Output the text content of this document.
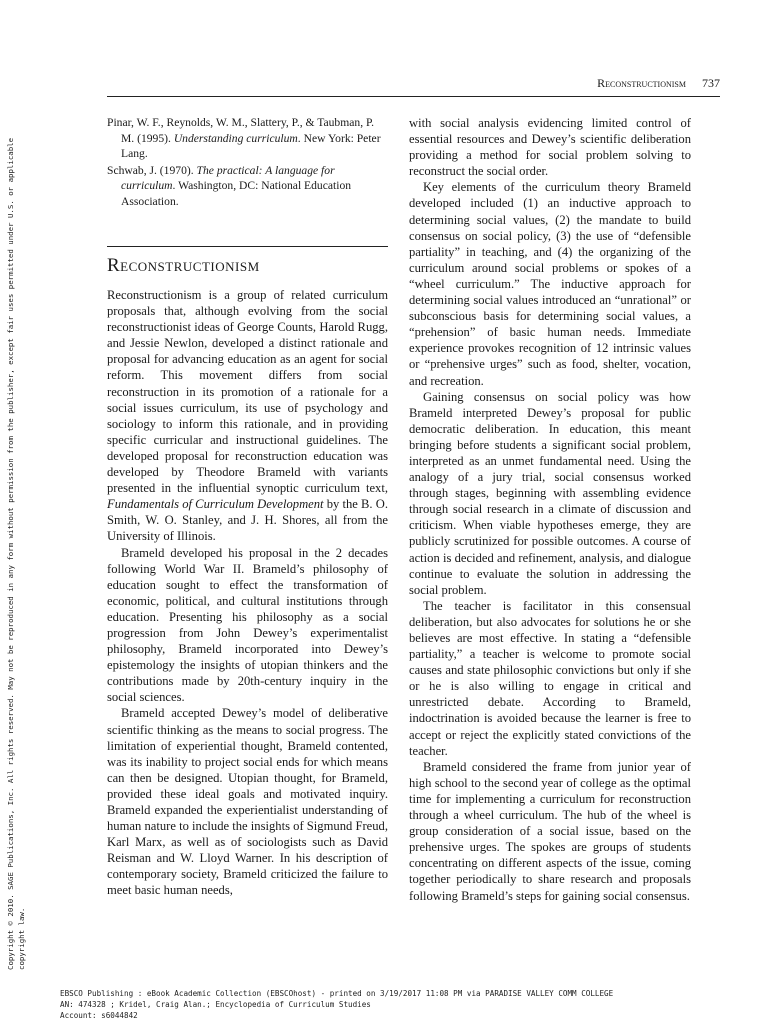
Copyright © 2010. SAGE Publications, Inc. All rights reserved. May not be reproduced in any form without permission from the publisher, except fair uses permitted under U.S. or applicable copyright law.
Reconstructionism 737
Pinar, W. F., Reynolds, W. M., Slattery, P., & Taubman, P. M. (1995). Understanding curriculum. New York: Peter Lang.
Schwab, J. (1970). The practical: A language for curriculum. Washington, DC: National Education Association.
Reconstructionism

Reconstructionism is a group of related curriculum proposals that, although evolving from the social reconstructionist ideas of George Counts, Harold Rugg, and Jessie Newlon, developed a distinct rationale and proposal for advancing education as an agent for social reform. This movement differs from social reconstruction in its promotion of a rationale for a social issues curriculum, its use of psychology and sociology to inform this rationale, and in providing specific curricular and instructional guidelines. The developed proposal for reconstruction education was developed by Theodore Brameld with variants presented in the influential synoptic curriculum text, Fundamentals of Curriculum Development by the B. O. Smith, W. O. Stanley, and J. H. Shores, all from the University of Illinois.

Brameld developed his proposal in the 2 decades following World War II. Brameld’s philosophy of education sought to effect the transformation of economic, political, and cultural institutions through education. Presenting his philosophy as a social progression from John Dewey’s experimentalist philosophy, Brameld incorporated into Dewey’s epistemology the insights of utopian thinkers and the contributions made by 20th-century inquiry in the social sciences.

Brameld accepted Dewey’s model of deliberative scientific thinking as the means to social progress. The limitation of experiential thought, Brameld contented, was its inability to project social ends for which means can then be designed. Utopian thought, for Brameld, provided these ideal goals and motivated inquiry. Brameld expanded the experientialist understanding of human nature to include the insights of Sigmund Freud, Karl Marx, as well as of sociologists such as David Reisman and W. Lloyd Warner. In his description of contemporary society, Brameld criticized the failure to meet basic human needs,

with social analysis evidencing limited control of essential resources and Dewey’s scientific deliberation providing a method for social problem solving to reconstruct the social order.

Key elements of the curriculum theory Brameld developed included (1) an inductive approach to determining social values, (2) the mandate to build consensus on social policy, (3) the use of “defensible partiality” in teaching, and (4) the organizing of the curriculum around social problems or spokes of a “wheel curriculum.” The inductive approach for determining social values introduced an “unrational” or subconscious basis for determining social values, a “prehension” of basic human needs. Immediate experience provokes recognition of 12 intrinsic values or “prehensive urges” such as food, shelter, vocation, and recreation.

Gaining consensus on social policy was how Brameld interpreted Dewey’s proposal for public democratic deliberation. In education, this meant bringing before students a significant social problem, interpreted as an unmet fundamental need. Using the analogy of a jury trial, social consensus worked through stages, beginning with assembling evidence through social research in a climate of discussion and criticism. When viable hypotheses emerge, they are publicly scrutinized for possible outcomes. A course of action is decided and refinement, analysis, and dialogue continue to evaluate the solution in addressing the social problem.

The teacher is facilitator in this consensual deliberation, but also advocates for solutions he or she believes are most effective. In stating a “defensible partiality,” a teacher is welcome to promote social causes and state philosophic convictions but only if she or he is also willing to engage in critical and unrestricted debate. According to Brameld, indoctrination is avoided because the learner is free to accept or reject the explicitly stated convictions of the teacher.

Brameld considered the frame from junior year of high school to the second year of college as the optimal time for implementing a curriculum for reconstruction through a wheel curriculum. The hub of the wheel is group consideration of a social issue, based on the prehensive urges. The spokes are groups of students concentrating on different aspects of the issue, coming together periodically to share research and proposals following Brameld’s steps for gaining social consensus.

EBSCO Publishing : eBook Academic Collection (EBSCOhost) - printed on 3/19/2017 11:08 PM via PARADISE VALLEY COMM COLLEGE
AN: 474328 ; Kridel, Craig Alan.; Encyclopedia of Curriculum Studies
Account: s6044842
